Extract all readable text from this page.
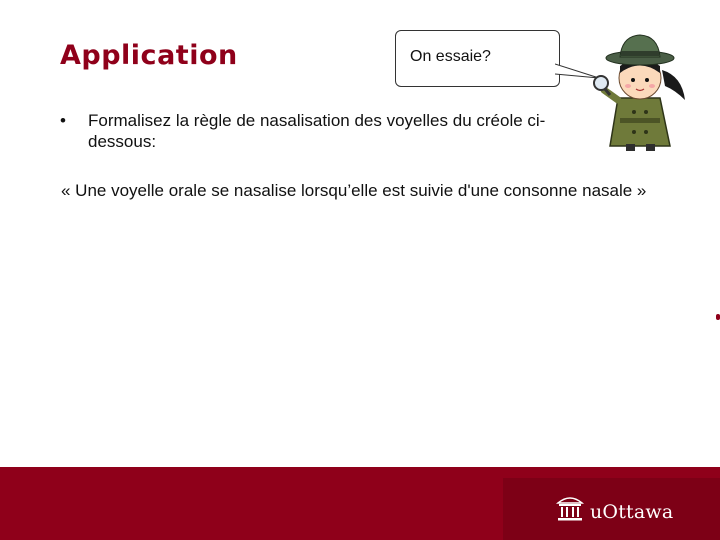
Application
• Formalisez la règle de nasalisation des voyelles du créole ci-dessous:
« Une voyelle orale se nasalise lorsqu’elle est suivie d'une consonne nasale »
On essaie?
uOttawa
